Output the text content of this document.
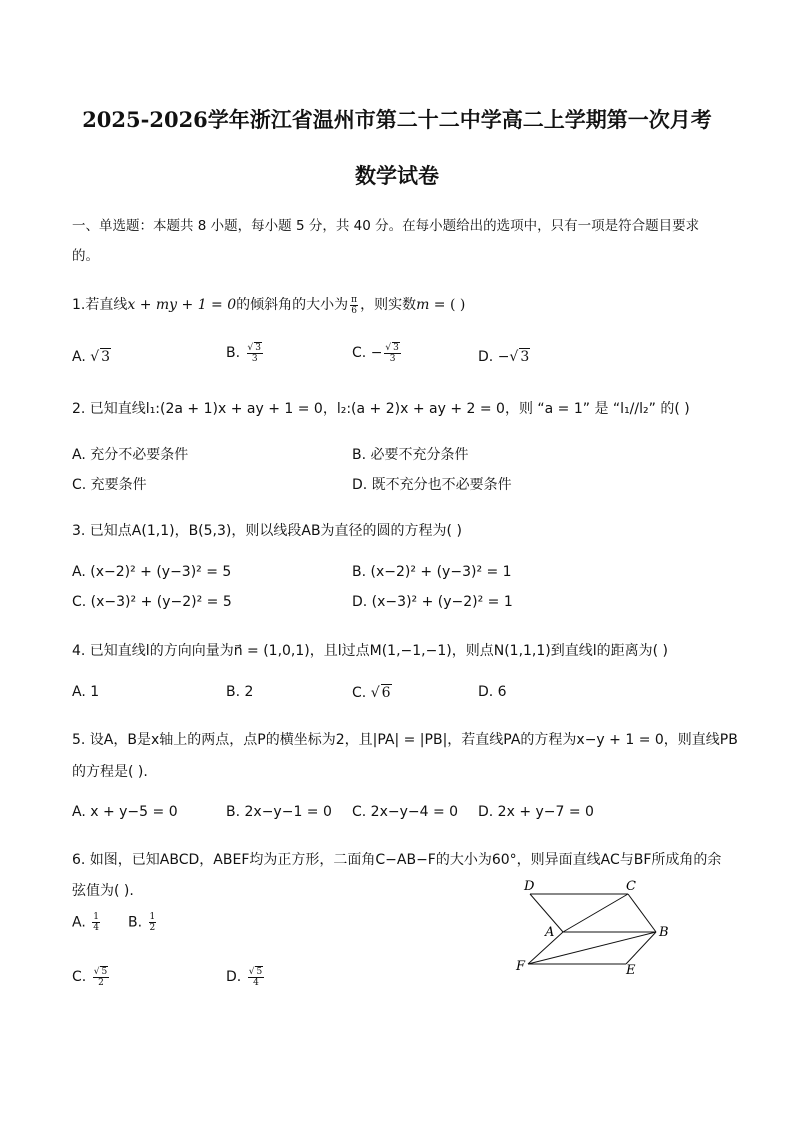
2025-2026学年浙江省温州市第二十二中学高二上学期第一次月考
数学试卷
一、单选题：本题共 8 小题，每小题 5 分，共 40 分。在每小题给出的选项中，只有一项是符合题目要求
的。
1.若直线x + my + 1 = 0的倾斜角的大小为 $\frac{\pi}{6}$ ，则实数m = ( )
A. √ 3	B. $\frac{√ 3}{3}$	C. − $\frac{√ 3}{3}$	D. −√ 3
2. 已知直线l₁:(2a + 1)x + ay + 1 = 0，l₂:(a + 2)x + ay + 2 = 0，则 “a = 1” 是 “l₁//l₂” 的( )
A. 充分不必要条件	B. 必要不充分条件
C. 充要条件	D. 既不充分也不必要条件
3. 已知点A(1,1)，B(5,3)，则以线段AB为直径的圆的方程为( )
A. (x−2)² + (y−3)² = 5	B. (x−2)² + (y−3)² = 1
C. (x−3)² + (y−2)² = 5	D. (x−3)² + (y−2)² = 1
4. 已知直线l的方向向量为n⃗ = (1,0,1)，且l过点M(1,−1,−1)，则点N(1,1,1)到直线l的距离为( )
A. 1	B. 2	C. √ 6	D. 6
5. 设A，B是x轴上的两点，点P的横坐标为2，且|PA| = |PB|，若直线PA的方程为x−y + 1 = 0，则直线PB
的方程是( ).
A. x + y−5 = 0	B. 2x−y−1 = 0 C. 2x−y−4 = 0 D. 2x + y−7 = 0
6. 如图，已知ABCD，ABEF均为正方形，二面角C−AB−F的大小为60°，则异面直线AC与BF所成角的余
弦值为( ).
A. $\frac{1}{4} B$. $\frac{1}{2}$
C. $\frac{√ 5}{2}$	D. $\frac{√ 5}{4}$
D	C
A	B
F	E
